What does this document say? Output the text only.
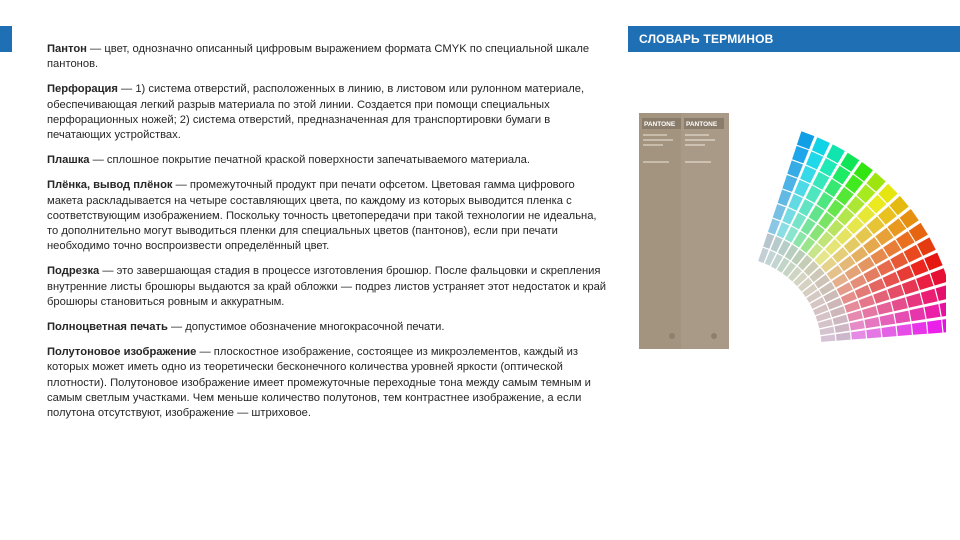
Пантон — цвет, однозначно описанный цифровым выражением формата CMYK по специальной шкале пантонов.

Перфорация — 1) система отверстий, расположенных в линию, в листовом или рулонном материале, обеспечивающая легкий разрыв материала по этой линии. Создается при помощи специальных перфорационных ножей; 2) система отверстий, предназначенная для транспортировки бумаги в печатающих устройствах.

Плашка — сплошное покрытие печатной краской поверхности запечатываемого материала.

Плёнка, вывод плёнок — промежуточный продукт при печати офсетом. Цветовая гамма цифрового макета раскладывается на четыре составляющих цвета, по каждому из которых выводится пленка с соответствующим изображением. Поскольку точность цветопередачи при такой технологии не идеальна, то дополнительно могут выводиться пленки для специальных цветов (пантонов), если при печати необходимо точно воспроизвести определённый цвет.

Подрезка — это завершающая стадия в процессе изготовления брошюр. После фальцовки и скрепления внутренние листы брошюры выдаются за край обложки — подрез листов устраняет этот недостаток и край брошюры становиться ровным и аккуратным.

Полноцветная печать — допустимое обозначение многокрасочной печати.

Полутоновое изображение — плоскостное изображение, состоящее из микроэлементов, каждый из которых может иметь одно из теоретически бесконечного количества уровней яркости (оптической плотности). Полутоновое изображение имеет промежуточные переходные тона между самым темным и самым светлым участками. Чем меньше количество полутонов, тем контрастнее изображение, а если полутона отсутствуют, изображение — штриховое.

СЛОВАРЬ ТЕРМИНОВ
PANTONE PANTONE
